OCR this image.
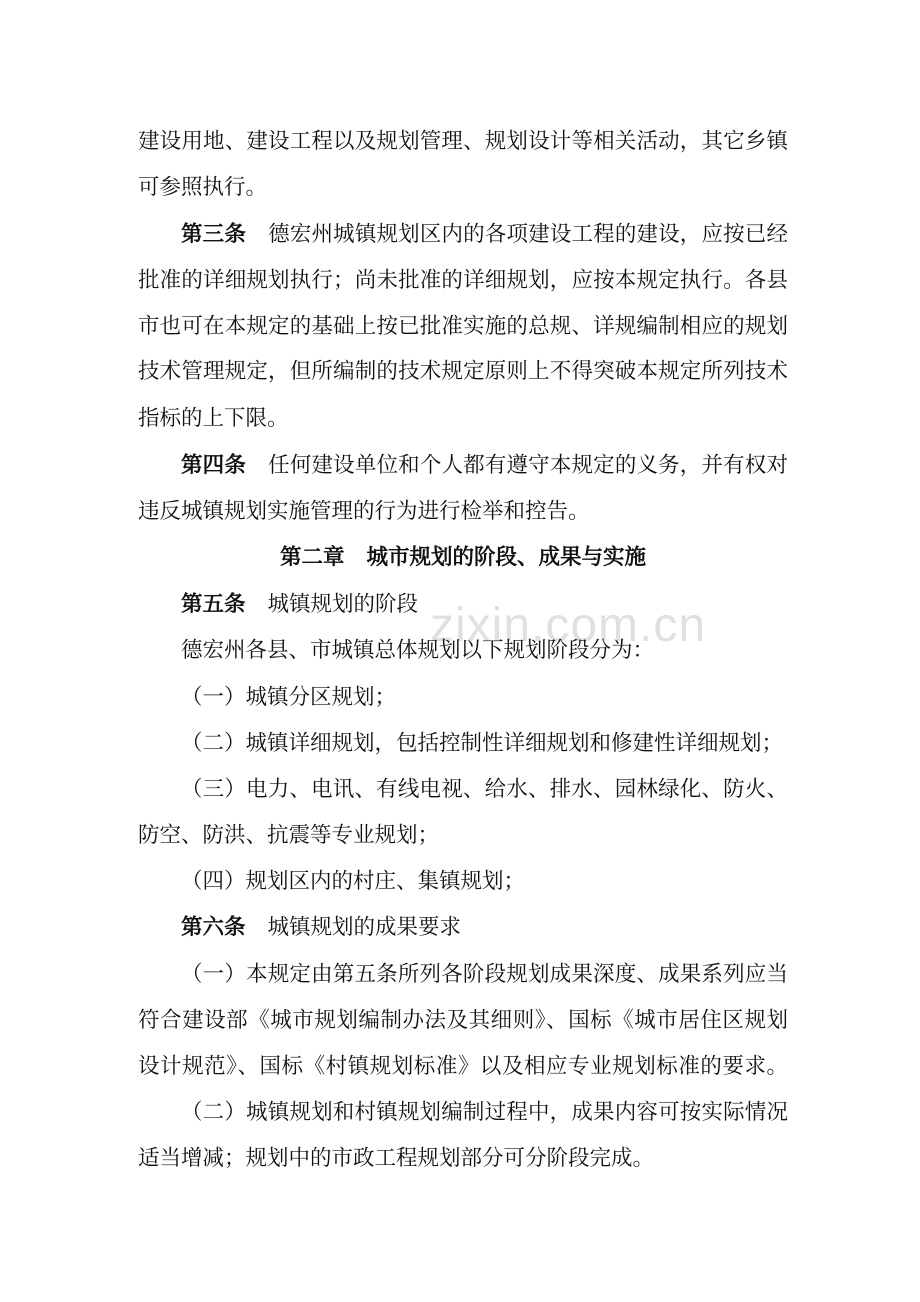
zixin.com.cn
建设用地、建设工程以及规划管理、规划设计等相关活动，其它乡镇
可参照执行。
第三条 德宏州城镇规划区内的各项建设工程的建设，应按已经
批准的详细规划执行；尚未批准的详细规划，应按本规定执行。各县
市也可在本规定的基础上按已批准实施的总规、详规编制相应的规划
技术管理规定，但所编制的技术规定原则上不得突破本规定所列技术
指标的上下限。
第四条 任何建设单位和个人都有遵守本规定的义务，并有权对
违反城镇规划实施管理的行为进行检举和控告。
第二章 城市规划的阶段、成果与实施
第五条 城镇规划的阶段
德宏州各县、市城镇总体规划以下规划阶段分为：
（一）城镇分区规划；
（二）城镇详细规划，包括控制性详细规划和修建性详细规划；
（三）电力、电讯、有线电视、给水、排水、园林绿化、防火、
防空、防洪、抗震等专业规划；
（四）规划区内的村庄、集镇规划；
第六条 城镇规划的成果要求
（一）本规定由第五条所列各阶段规划成果深度、成果系列应当
符合建设部《城市规划编制办法及其细则》、国标《城市居住区规划
设计规范》、国标《村镇规划标准》以及相应专业规划标准的要求。
（二）城镇规划和村镇规划编制过程中，成果内容可按实际情况
适当增减；规划中的市政工程规划部分可分阶段完成。
